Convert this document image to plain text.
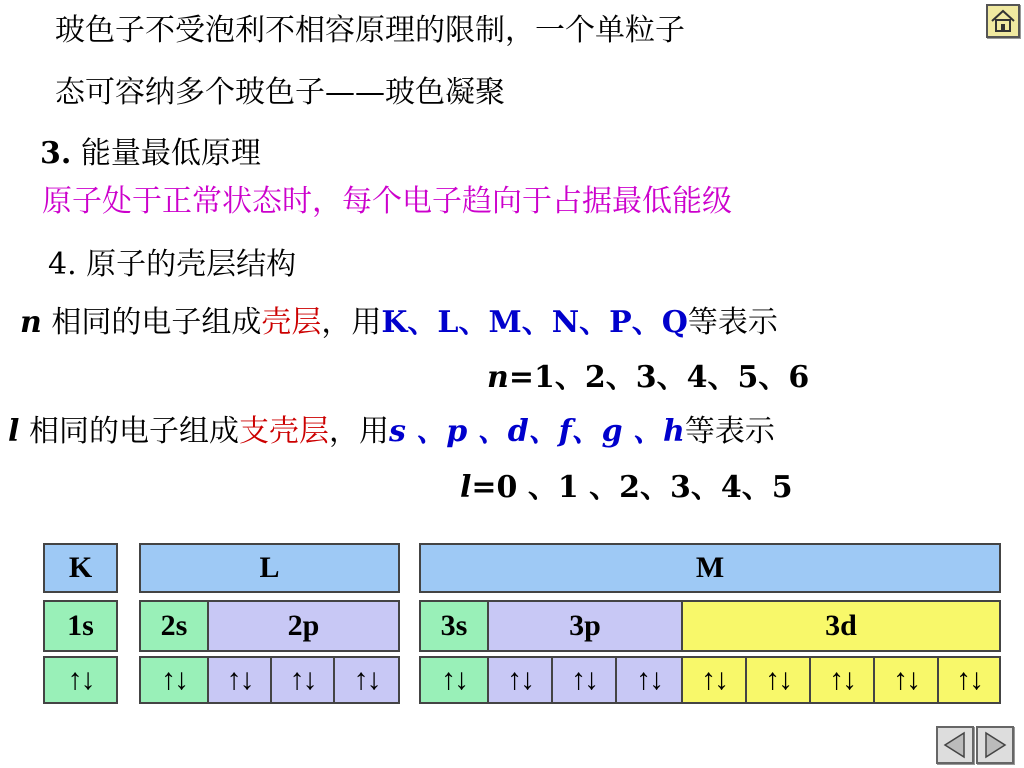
玻色子不受泡利不相容原理的限制，一个单粒子
态可容纳多个玻色子——玻色凝聚
3. 能量最低原理
原子处于正常状态时，每个电子趋向于占据最低能级
4. 原子的壳层结构
n 相同的电子组成壳层，用K、L、M、N、P、Q等表示
n=1、2、3、4、5、6
l 相同的电子组成支壳层，用s 、p 、d、f、g 、h等表示
l=0 、1 、2、3、4、5
K	L	M
1s	2s	2p	3s	3p	3d
↑↓	↑↓	↑↓	↑↓	↑↓	↑↓	↑↓	↑↓	↑↓	↑↓	↑↓	↑↓	↑↓	↑↓
